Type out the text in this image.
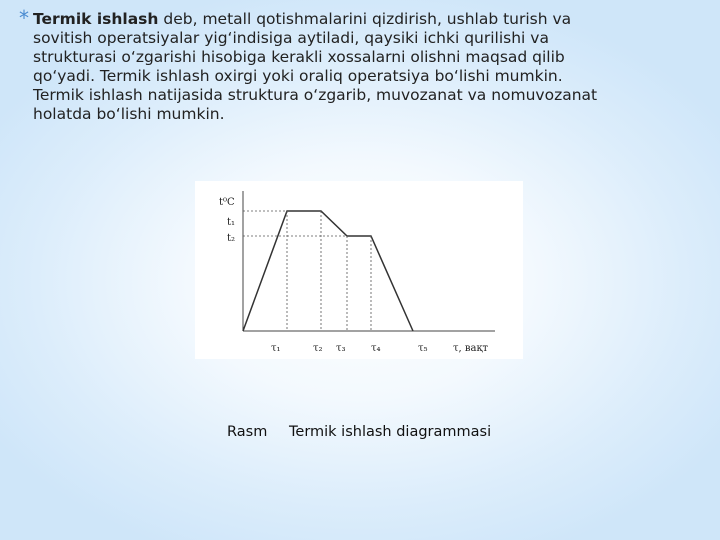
* Termik ishlash deb, metall qotishmalarini qizdirish, ushlab turish va
sovitish operatsiyalar yig‘indisiga aytiladi, qaysiki ichki qurilishi va
strukturasi o‘zgarishi hisobiga kerakli xossalarni olishni maqsad qilib
qo‘yadi. Termik ishlash oxirgi yoki oraliq operatsiya bo‘lishi mumkin.
Termik ishlash natijasida struktura o‘zgarib, muvozanat va nomuvozanat
holatda bo‘lishi mumkin.

t⁰C
t₁
t₂
τ₁	τ₂ τ₃	τ₄	τ₅	τ, вақт
Rasm Termik ishlash diagrammasi
